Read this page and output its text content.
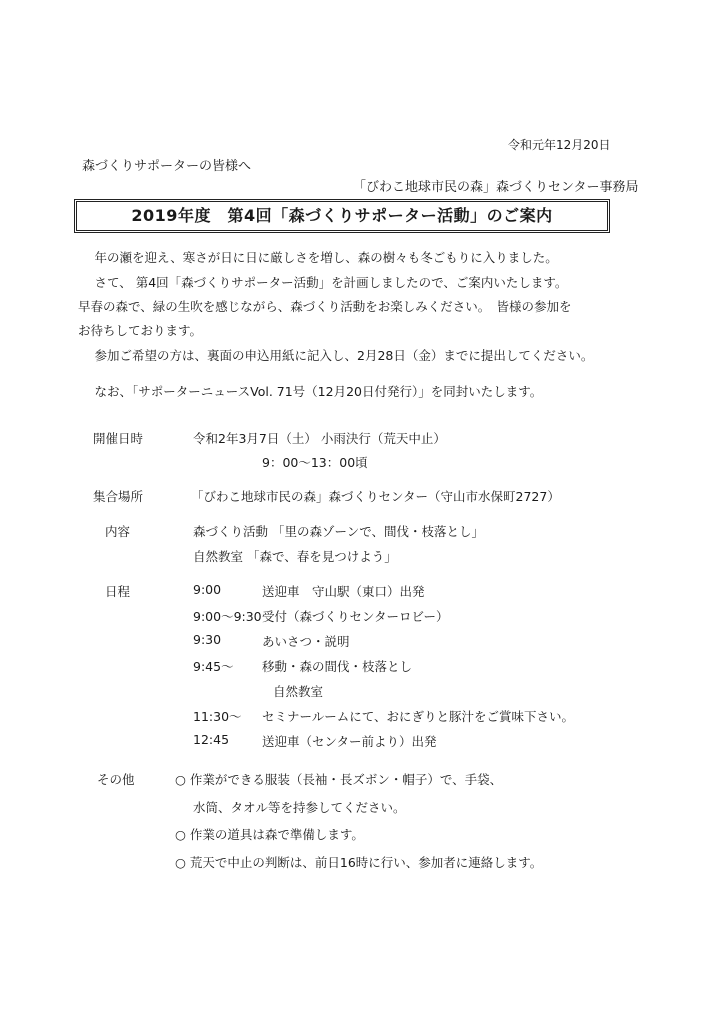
令和元年12月20日
森づくりサポーターの皆様へ
「びわこ地球市民の森」森づくりセンター事務局
2019年度　第4回「森づくりサポーター活動」のご案内
　年の瀬を迎え、寒さが日に日に厳しさを増し、森の樹々も冬ごもりに入りました。
　さて、 第4回「森づくりサポーター活動」を計画しましたので、ご案内いたします。
早春の森で、緑の生吹を感じながら、森づくり活動をお楽しみください。　皆様の参加を
お待ちしております。
　参加ご希望の方は、裏面の申込用紙に記入し、2月28日（金）までに提出してください。
　なお、「サポーターニュースVol. 71号（12月20日付発行）」を同封いたします。
開催日時	令和2年3月7日（土） 小雨決行（荒天中止）
9：00～13：00頃
集合場所	「びわこ地球市民の森」森づくりセンター（守山市水保町2727）
内容	森づくり活動 「里の森ゾーンで、間伐・枝落とし」
自然教室 「森で、春を見つけよう」
日程	9:00	送迎車　守山駅（東口）出発
9:00～9:30 受付（森づくりセンターロビー）
9:30	あいさつ・説明
9:45～ 移動・森の間伐・枝落とし
自然教室
11:30～ セミナールームにて、おにぎりと豚汁をご賞味下さい。
12:45	送迎車（センター前より）出発
その他	○ 作業ができる服装（長袖・長ズボン・帽子）で、手袋、
水筒、タオル等を持参してください。
○ 作業の道具は森で準備します。
○ 荒天で中止の判断は、前日16時に行い、参加者に連絡します。
